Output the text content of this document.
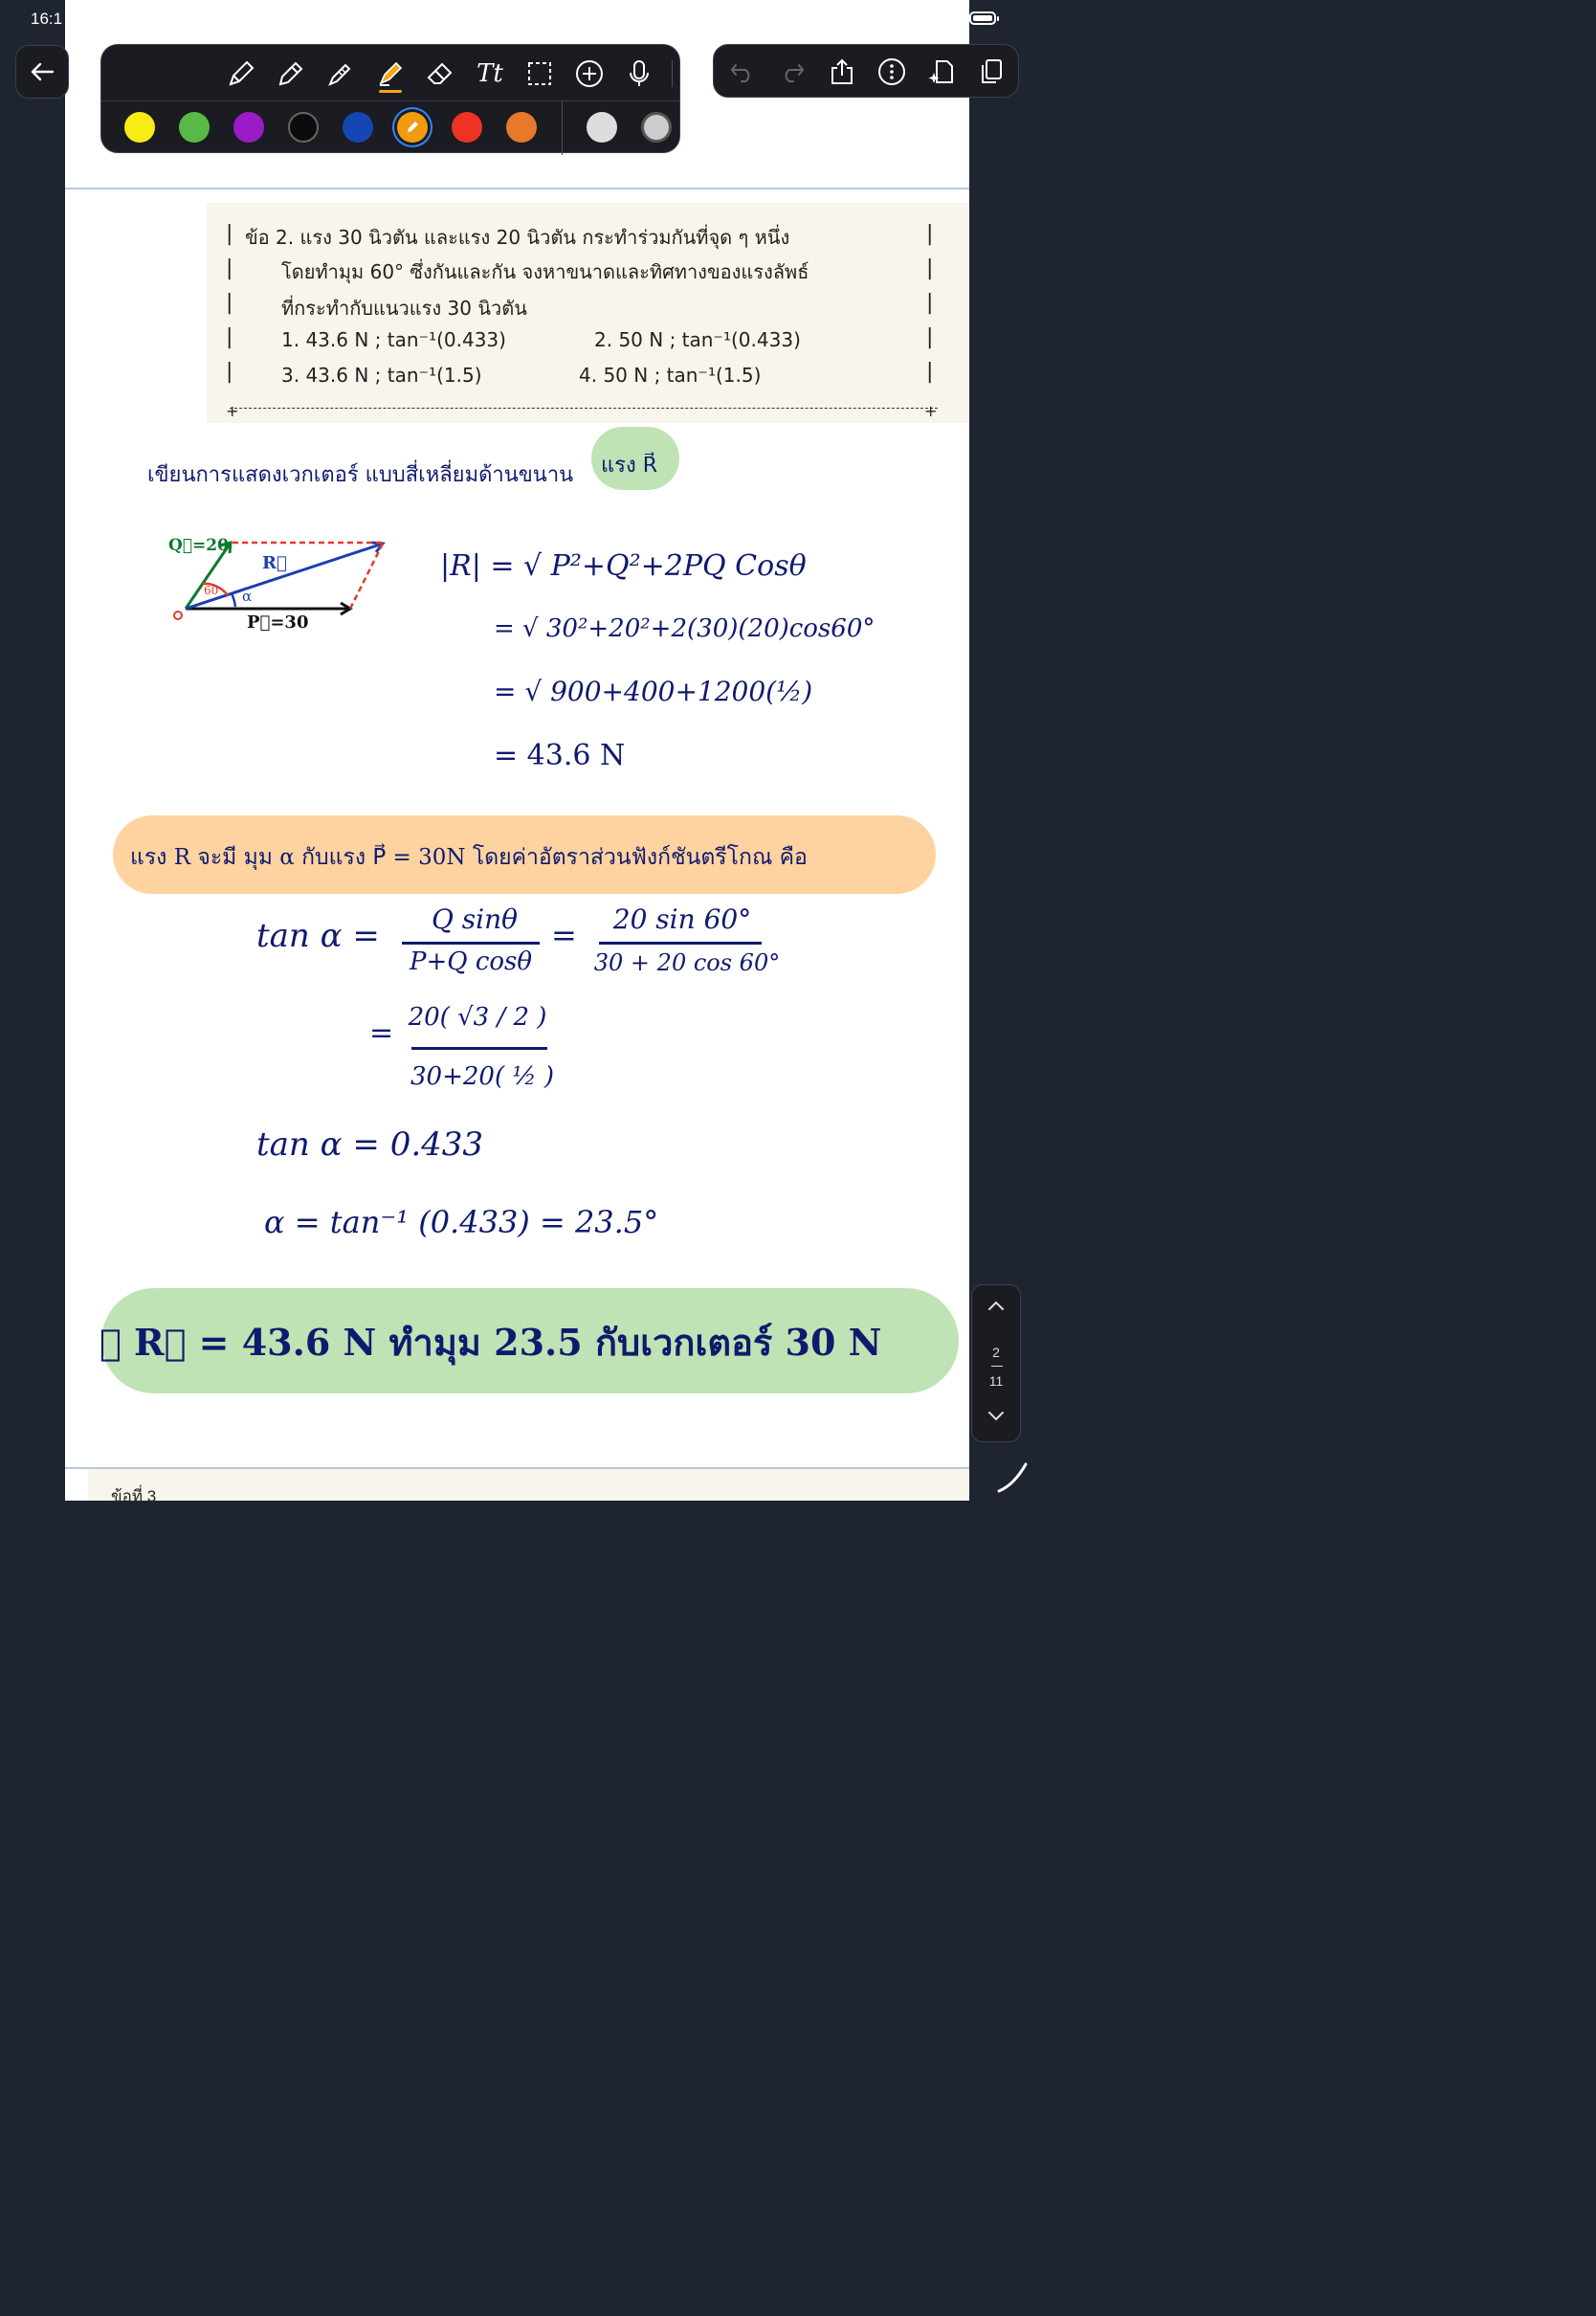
16:1
|
|
|
|
|
|
|
|
|
|
ข้อ 2. แรง 30 นิวตัน และแรง 20 นิวตัน กระทำร่วมกันที่จุด ๆ หนึ่ง
โดยทำมุม 60° ซึ่งกันและกัน จงหาขนาดและทิศทางของแรงลัพธ์
ที่กระทำกับแนวแรง 30 นิวตัน
1. 43.6 N ; tan⁻¹(0.433)	2. 50 N ; tan⁻¹(0.433)
3. 43.6 N ; tan⁻¹(1.5)	4. 50 N ; tan⁻¹(1.5)
+	+
เขียนการแสดงเวกเตอร์ แบบสี่เหลี่ยมด้านขนาน แรง R⃗
Q⃗=20
P⃗=30
R⃗
60 α
|R| = √ P²+Q²+2PQ Cosθ
= √ 30²+20²+2(30)(20)cos60°
= √ 900+400+1200(½)
= 43.6 N
แรง R จะมี มุม α กับแรง P⃗ = 30N โดยค่าอัตราส่วนฟังก์ชันตรีโกณ คือ
tan α =	Q sinθ
P+Q cosθ
=	20 sin 60°
30 + 20 cos 60°
= 20( √3 / 2 )
30+20( ½ )
tan α = 0.433
α = tan⁻¹ (0.433) = 23.5°
∴ R⃗ = 43.6 N ทำมุม 23.5 กับเวกเตอร์ 30 N
ข้อที่ 3
Tt
2
11
